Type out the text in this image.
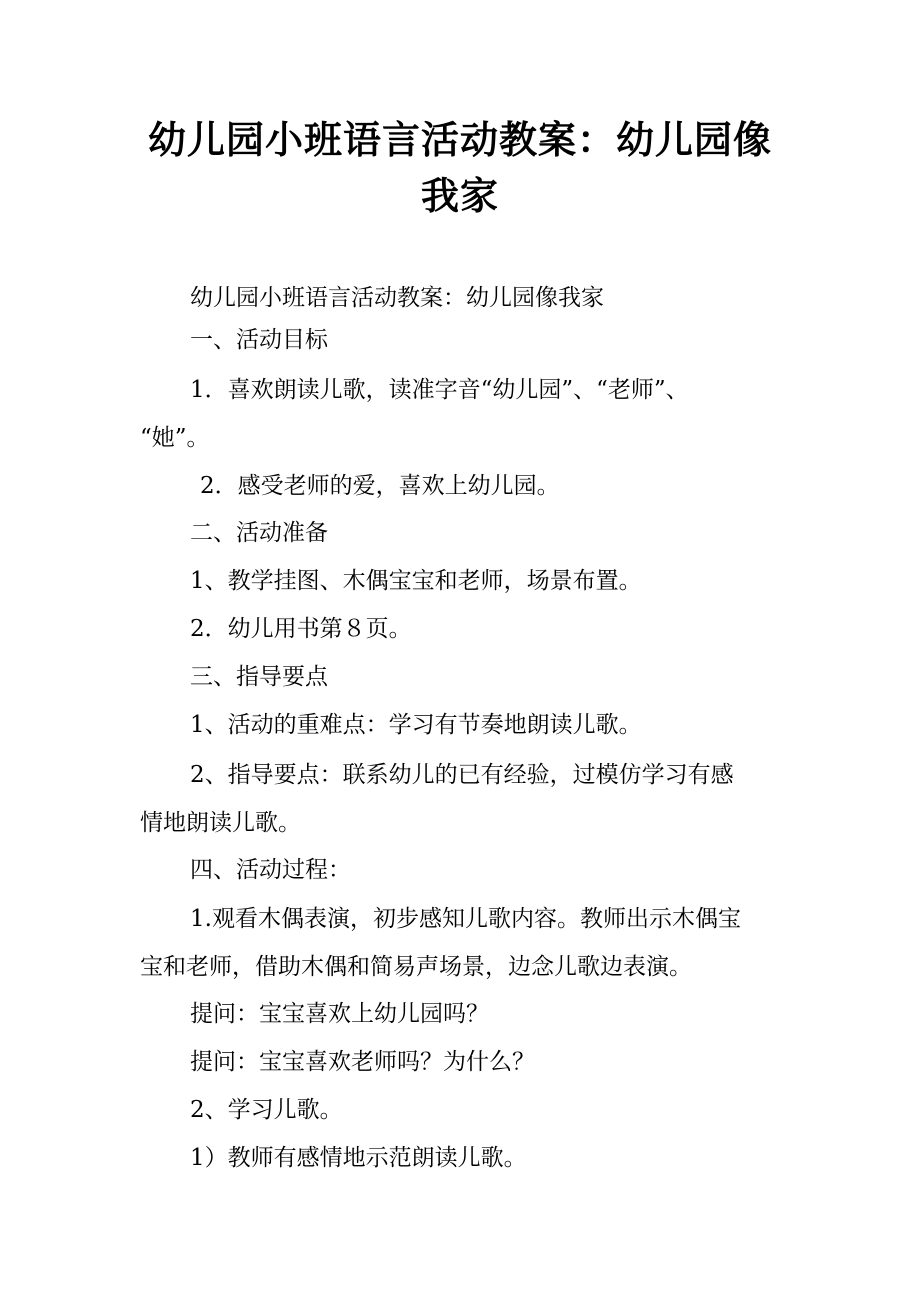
幼儿园小班语言活动教案：幼儿园像我家
幼儿园小班语言活动教案：幼儿园像我家
一、活动目标
1．喜欢朗读儿歌，读准字音“幼儿园”、“老师”、
“她”。
2．感受老师的爱，喜欢上幼儿园。
二、活动准备
1、教学挂图、木偶宝宝和老师，场景布置。
2．幼儿用书第８页。
三、指导要点
1、活动的重难点：学习有节奏地朗读儿歌。
2、指导要点：联系幼儿的已有经验，过模仿学习有感
情地朗读儿歌。
四、活动过程：
1.观看木偶表演，初步感知儿歌内容。教师出示木偶宝
宝和老师，借助木偶和简易声场景，边念儿歌边表演。
提问：宝宝喜欢上幼儿园吗？
提问：宝宝喜欢老师吗？为什么？
2、学习儿歌。
1）教师有感情地示范朗读儿歌。
